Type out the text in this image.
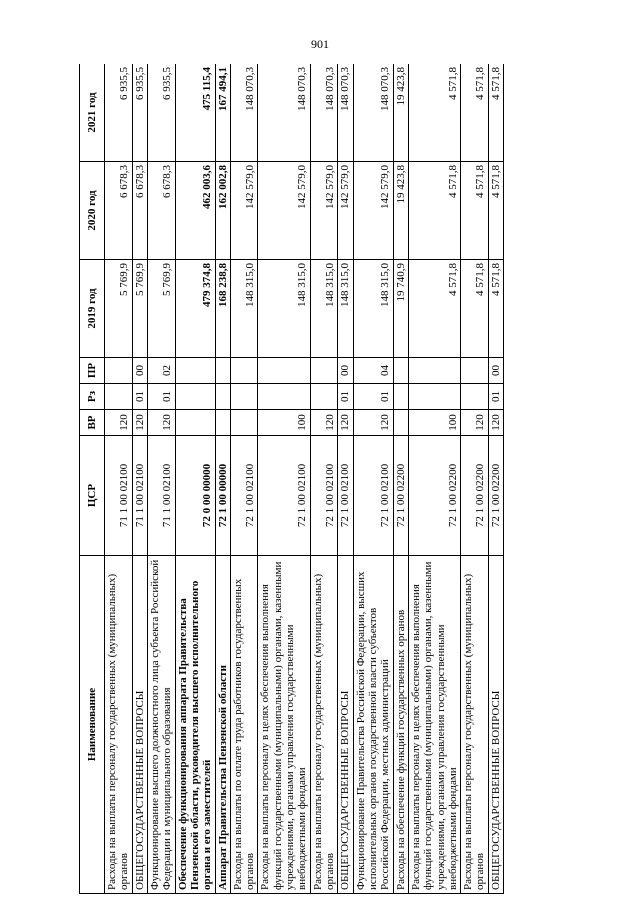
901
Наименование	ЦСР	ВР	Рз	ПР	2019 год	2020 год	2021 год
Расходы на выплаты персоналу государственных (муниципальных) органов	71 1 00 02100	120			5 769,9	6 678,3	6 935,5
ОБЩЕГОСУДАРСТВЕННЫЕ ВОПРОСЫ	71 1 00 02100	120	01	00	5 769,9	6 678,3	6 935,5
Функционирование высшего должностного лица субъекта Российской Федерации и муниципального образования	71 1 00 02100	120	01	02	5 769,9	6 678,3	6 935,5
Обеспечение функционирования аппарата Правительства Пензенской области, руководителя высшего исполнительного органа и его заместителей	72 0 00 00000				479 374,8	462 003,6	475 115,4
Аппарат Правительства Пензенской области	72 1 00 00000				168 238,8	162 002,8	167 494,1
Расходы на выплаты по оплате труда работников государственных органов	72 1 00 02100				148 315,0	142 579,0	148 070,3
Расходы на выплаты персоналу в целях обеспечения выполнения функций государственными (муниципальными) органами, казенными учреждениями, органами управления государственными внебюджетными фондами	72 1 00 02100	100			148 315,0	142 579,0	148 070,3
Расходы на выплаты персоналу государственных (муниципальных) органов	72 1 00 02100	120			148 315,0	142 579,0	148 070,3
ОБЩЕГОСУДАРСТВЕННЫЕ ВОПРОСЫ	72 1 00 02100	120	01	00	148 315,0	142 579,0	148 070,3
Функционирование Правительства Российской Федерации, высших исполнительных органов государственной власти субъектов Российской Федерации, местных администраций	72 1 00 02100	120	01	04	148 315,0	142 579,0	148 070,3
Расходы на обеспечение функций государственных органов	72 1 00 02200				19 740,9	19 423,8	19 423,8
Расходы на выплаты персоналу в целях обеспечения выполнения функций государственными (муниципальными) органами, казенными учреждениями, органами управления государственными внебюджетными фондами	72 1 00 02200	100			4 571,8	4 571,8	4 571,8
Расходы на выплаты персоналу государственных (муниципальных) органов	72 1 00 02200	120			4 571,8	4 571,8	4 571,8
ОБЩЕГОСУДАРСТВЕННЫЕ ВОПРОСЫ	72 1 00 02200	120	01	00	4 571,8	4 571,8	4 571,8
